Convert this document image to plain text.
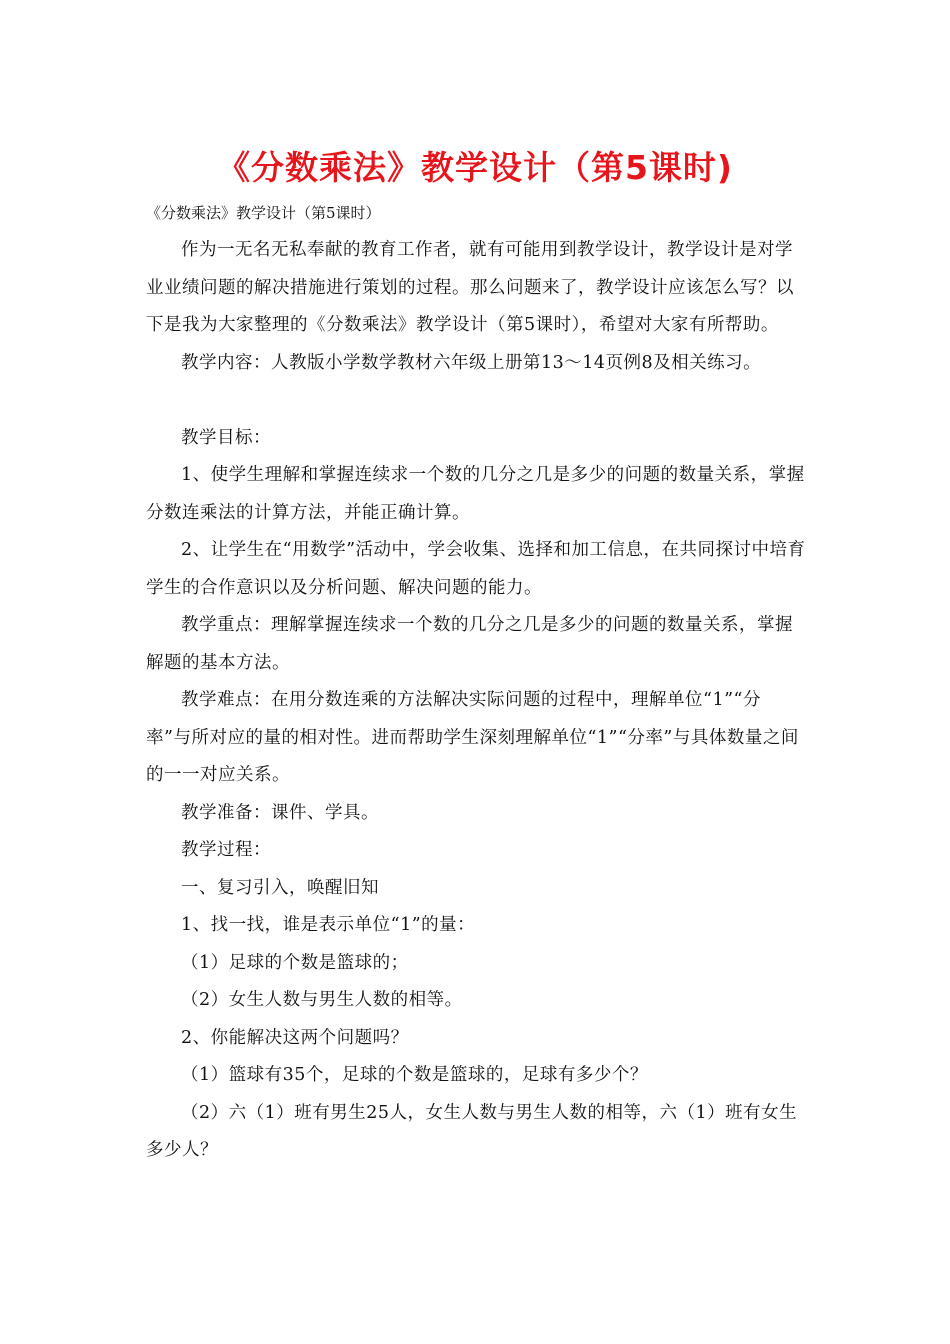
《分数乘法》教学设计（第5课时)
《分数乘法》教学设计（第5课时）

作为一无名无私奉献的教育工作者，就有可能用到教学设计，教学设计是对学业业绩问题的解决措施进行策划的过程。那么问题来了，教学设计应该怎么写？以下是我为大家整理的《分数乘法》教学设计（第5课时），希望对大家有所帮助。

教学内容：人教版小学数学教材六年级上册第13～14页例8及相关练习。

教学目标：

1、使学生理解和掌握连续求一个数的几分之几是多少的问题的数量关系，掌握分数连乘法的计算方法，并能正确计算。

2、让学生在“用数学”活动中，学会收集、选择和加工信息，在共同探讨中培育学生的合作意识以及分析问题、解决问题的能力。

教学重点：理解掌握连续求一个数的几分之几是多少的问题的数量关系，掌握解题的基本方法。

教学难点：在用分数连乘的方法解决实际问题的过程中，理解单位“1”“分率”与所对应的量的相对性。进而帮助学生深刻理解单位“1”“分率”与具体数量之间的一一对应关系。

教学准备：课件、学具。

教学过程：

一、复习引入，唤醒旧知

1、找一找，谁是表示单位“1”的量：

（1）足球的个数是篮球的；

（2）女生人数与男生人数的相等。

2、你能解决这两个问题吗？

（1）篮球有35个，足球的个数是篮球的，足球有多少个？

（2）六（1）班有男生25人，女生人数与男生人数的相等，六（1）班有女生多少人？
